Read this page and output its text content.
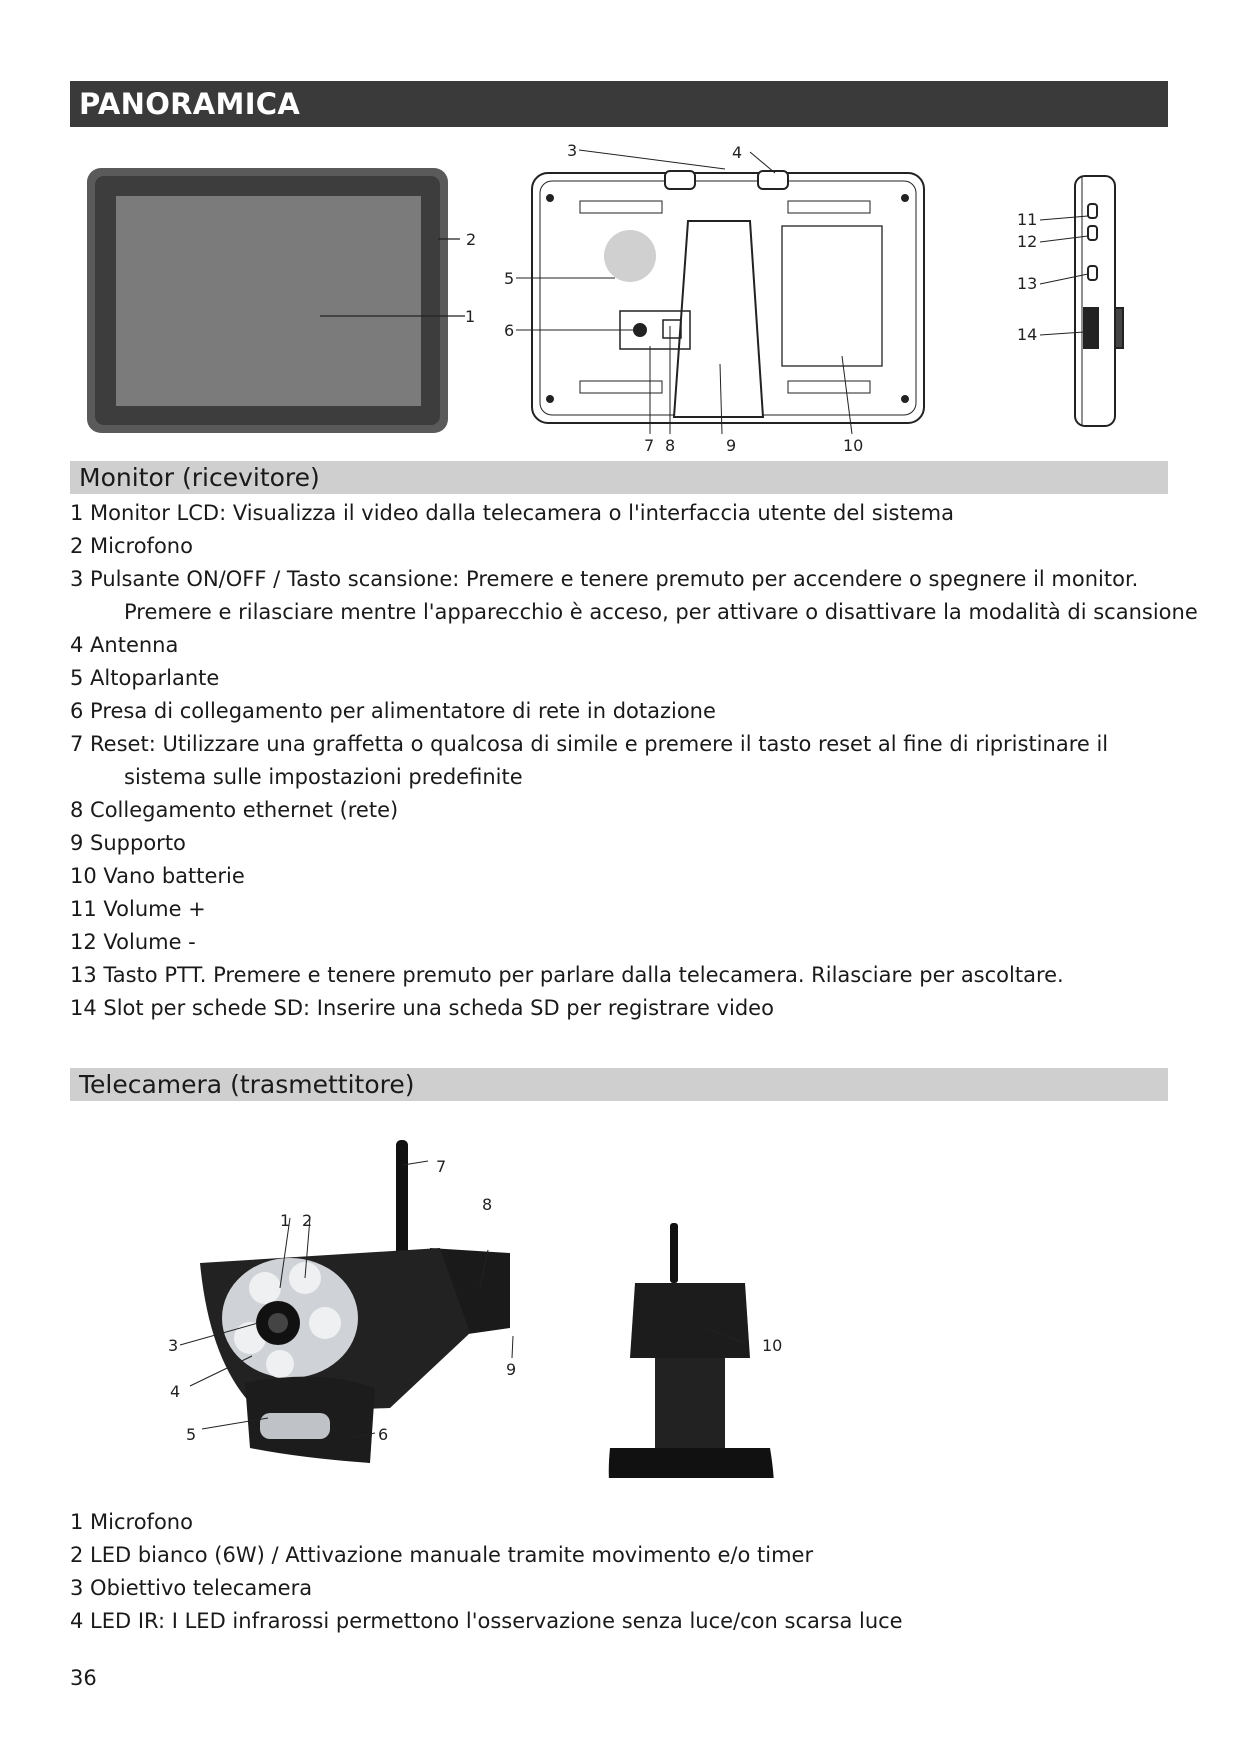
PANORAMICA
1
2
3	4
5
6
7 8	9	10
11
12
13
14
Monitor (ricevitore)
1 Monitor LCD: Visualizza il video dalla telecamera o l'interfaccia utente del sistema
2 Microfono
3 Pulsante ON/OFF / Tasto scansione: Premere e tenere premuto per accendere o spegnere il monitor.
Premere e rilasciare mentre l'apparecchio è acceso, per attivare o disattivare la modalità di scansione
4 Antenna
5 Altoparlante
6 Presa di collegamento per alimentatore di rete in dotazione
7 Reset: Utilizzare una graffetta o qualcosa di simile e premere il tasto reset al fine di ripristinare il
sistema sulle impostazioni predefinite
8 Collegamento ethernet (rete)
9 Supporto
10 Vano batterie
11 Volume +
12 Volume -
13 Tasto PTT. Premere e tenere premuto per parlare dalla telecamera. Rilasciare per ascoltare.
14 Slot per schede SD: Inserire una scheda SD per registrare video
Telecamera (trasmettitore)
1 2
3
4
5	6
7
8
9
10
1 Microfono
2 LED bianco (6W) / Attivazione manuale tramite movimento e/o timer
3 Obiettivo telecamera
4 LED IR: I LED infrarossi permettono l'osservazione senza luce/con scarsa luce
36
